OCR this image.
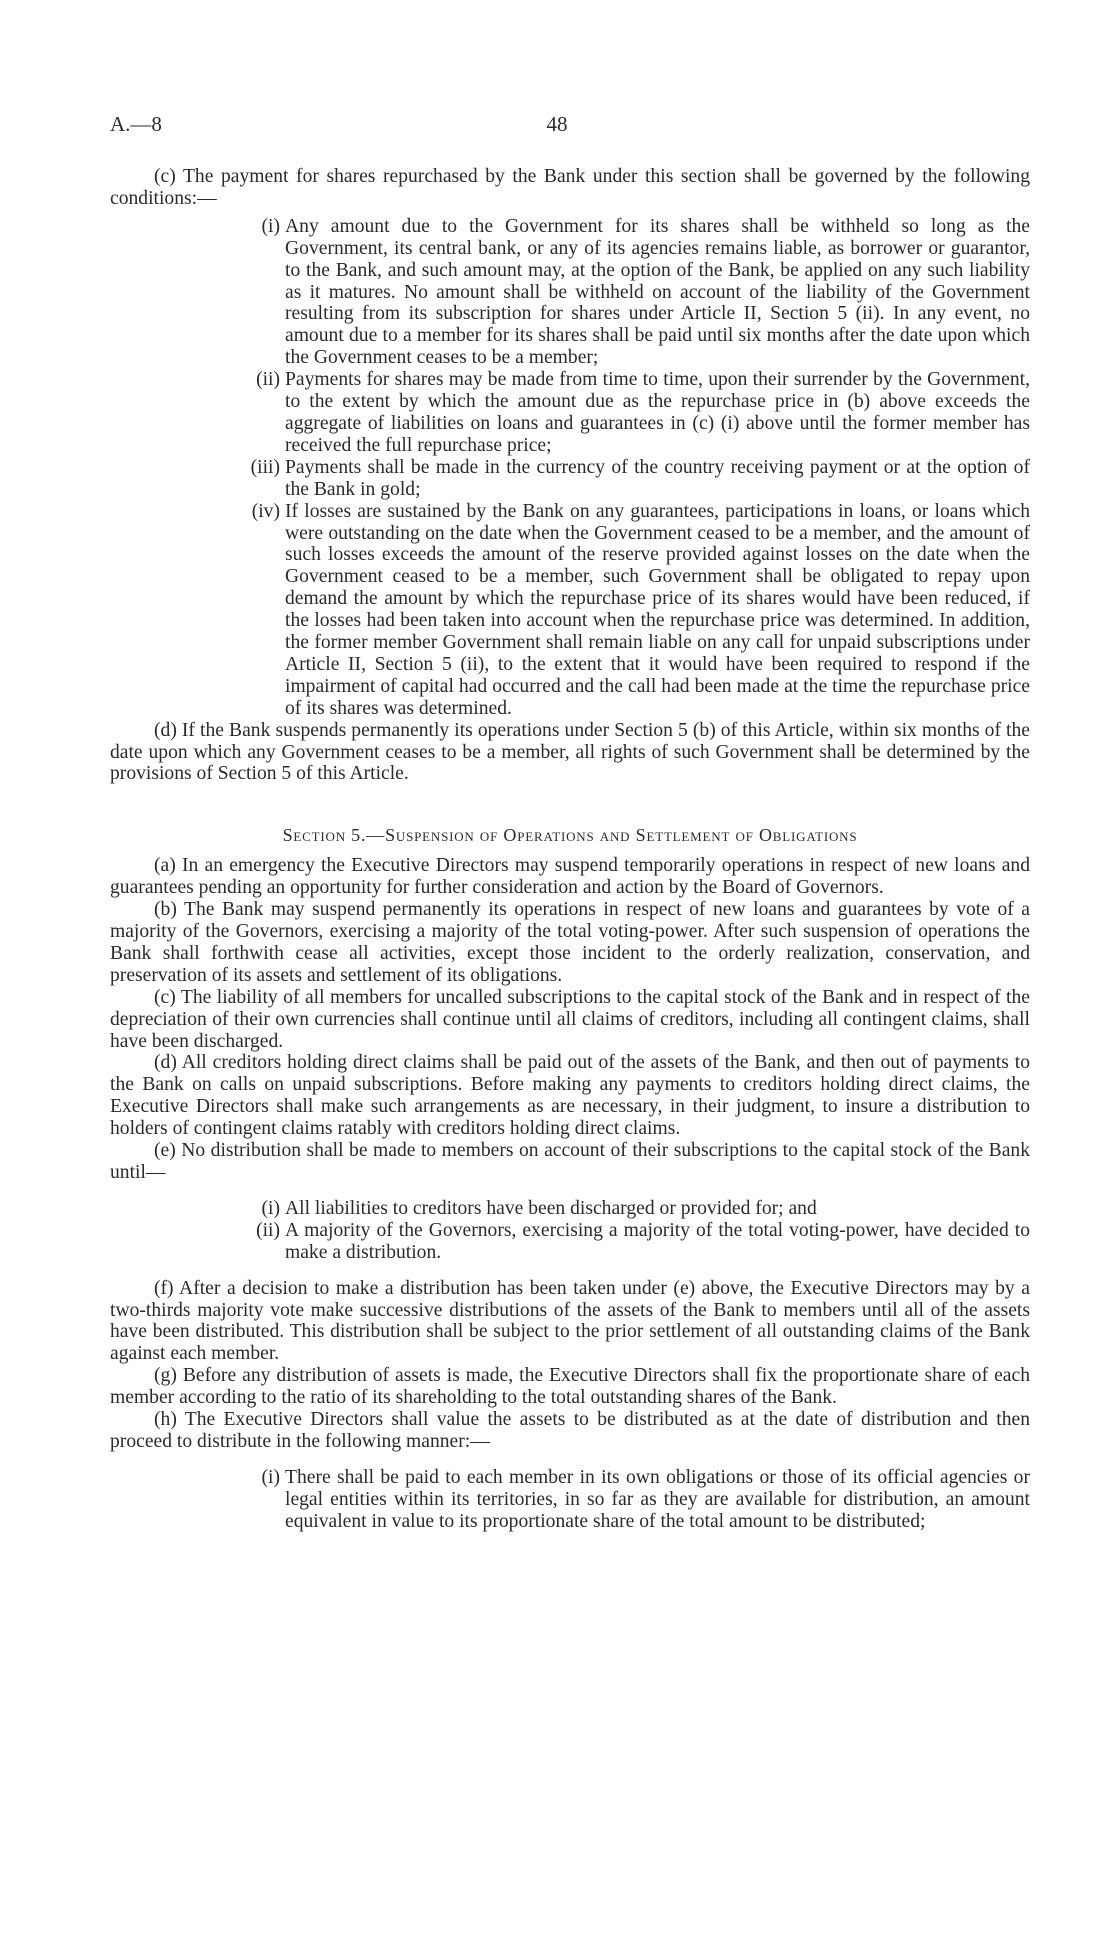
A.—8	48

(c) The payment for shares repurchased by the Bank under this section shall be governed by the following conditions:—

(i) Any amount due to the Government for its shares shall be withheld so long as the Government, its central bank, or any of its agencies remains liable, as borrower or guarantor, to the Bank, and such amount may, at the option of the Bank, be applied on any such liability as it matures. No amount shall be withheld on account of the liability of the Government resulting from its subscription for shares under Article II, Section 5 (ii). In any event, no amount due to a member for its shares shall be paid until six months after the date upon which the Government ceases to be a member;
(ii) Payments for shares may be made from time to time, upon their surrender by the Government, to the extent by which the amount due as the repurchase price in (b) above exceeds the aggregate of liabilities on loans and guarantees in (c) (i) above until the former member has received the full repurchase price;
(iii) Payments shall be made in the currency of the country receiving payment or at the option of the Bank in gold;
(iv) If losses are sustained by the Bank on any guarantees, participations in loans, or loans which were outstanding on the date when the Government ceased to be a member, and the amount of such losses exceeds the amount of the reserve provided against losses on the date when the Government ceased to be a member, such Government shall be obligated to repay upon demand the amount by which the repurchase price of its shares would have been reduced, if the losses had been taken into account when the repurchase price was determined. In addition, the former member Government shall remain liable on any call for unpaid subscriptions under Article II, Section 5 (ii), to the extent that it would have been required to respond if the impairment of capital had occurred and the call had been made at the time the repurchase price of its shares was determined.

(d) If the Bank suspends permanently its operations under Section 5 (b) of this Article, within six months of the date upon which any Government ceases to be a member, all rights of such Government shall be determined by the provisions of Section 5 of this Article.

Section 5.—Suspension of Operations and Settlement of Obligations

(a) In an emergency the Executive Directors may suspend temporarily operations in respect of new loans and guarantees pending an opportunity for further consideration and action by the Board of Governors.

(b) The Bank may suspend permanently its operations in respect of new loans and guarantees by vote of a majority of the Governors, exercising a majority of the total voting-power. After such suspension of operations the Bank shall forthwith cease all activities, except those incident to the orderly realization, conservation, and preservation of its assets and settlement of its obligations.

(c) The liability of all members for uncalled subscriptions to the capital stock of the Bank and in respect of the depreciation of their own currencies shall continue until all claims of creditors, including all contingent claims, shall have been discharged.

(d) All creditors holding direct claims shall be paid out of the assets of the Bank, and then out of payments to the Bank on calls on unpaid subscriptions. Before making any payments to creditors holding direct claims, the Executive Directors shall make such arrangements as are necessary, in their judgment, to insure a distribution to holders of contingent claims ratably with creditors holding direct claims.

(e) No distribution shall be made to members on account of their subscriptions to the capital stock of the Bank until—

(i) All liabilities to creditors have been discharged or provided for; and
(ii) A majority of the Governors, exercising a majority of the total voting-power, have decided to make a distribution.

(f) After a decision to make a distribution has been taken under (e) above, the Executive Directors may by a two-thirds majority vote make successive distributions of the assets of the Bank to members until all of the assets have been distributed. This distribution shall be subject to the prior settlement of all outstanding claims of the Bank against each member.

(g) Before any distribution of assets is made, the Executive Directors shall fix the proportionate share of each member according to the ratio of its shareholding to the total outstanding shares of the Bank.

(h) The Executive Directors shall value the assets to be distributed as at the date of distribution and then proceed to distribute in the following manner:—

(i) There shall be paid to each member in its own obligations or those of its official agencies or legal entities within its territories, in so far as they are available for distribution, an amount equivalent in value to its proportionate share of the total amount to be distributed;
